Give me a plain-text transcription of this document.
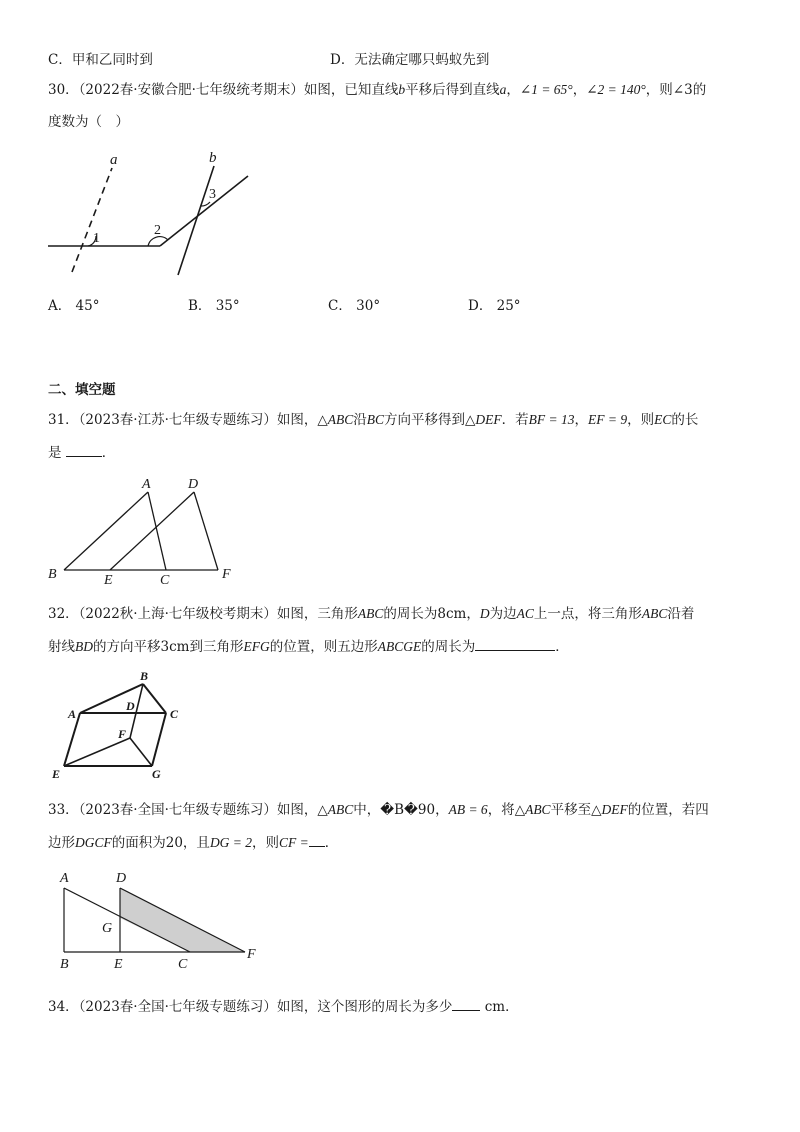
C．甲和乙同时到	D．无法确定哪只蚂蚁先到
30．（2022春·安徽合肥·七年级统考期末）如图，已知直线b平移后得到直线a，∠1 = 65°，∠2 = 140°，则∠3的
度数为（　）
a	b
1
2
3
A． 45°	B． 35°	C． 30°	D． 25°
二、填空题
31．（2023春·江苏·七年级专题练习）如图，△ABC沿BC方向平移得到△DEF．若BF = 13，EF = 9，则EC的长
是	．
A	D
B	E	C	F
32．（2022秋·上海·七年级校考期末）如图，三角形ABC的周长为8cm，D为边AC上一点，将三角形ABC沿着
射线BD的方向平移3cm到三角形EFG的位置，则五边形ABCGE的周长为	．
B
A
D
C
F
E	G
33．（2023春·全国·七年级专题练习）如图，△ABC中，�B�90，AB = 6，将△ABC平移至△DEF的位置，若四
边形DGCF的面积为20，且DG = 2，则CF = ．
A	D
G
B	E	C
F
34．（2023春·全国·七年级专题练习）如图，这个图形的周长为多少 cm．
